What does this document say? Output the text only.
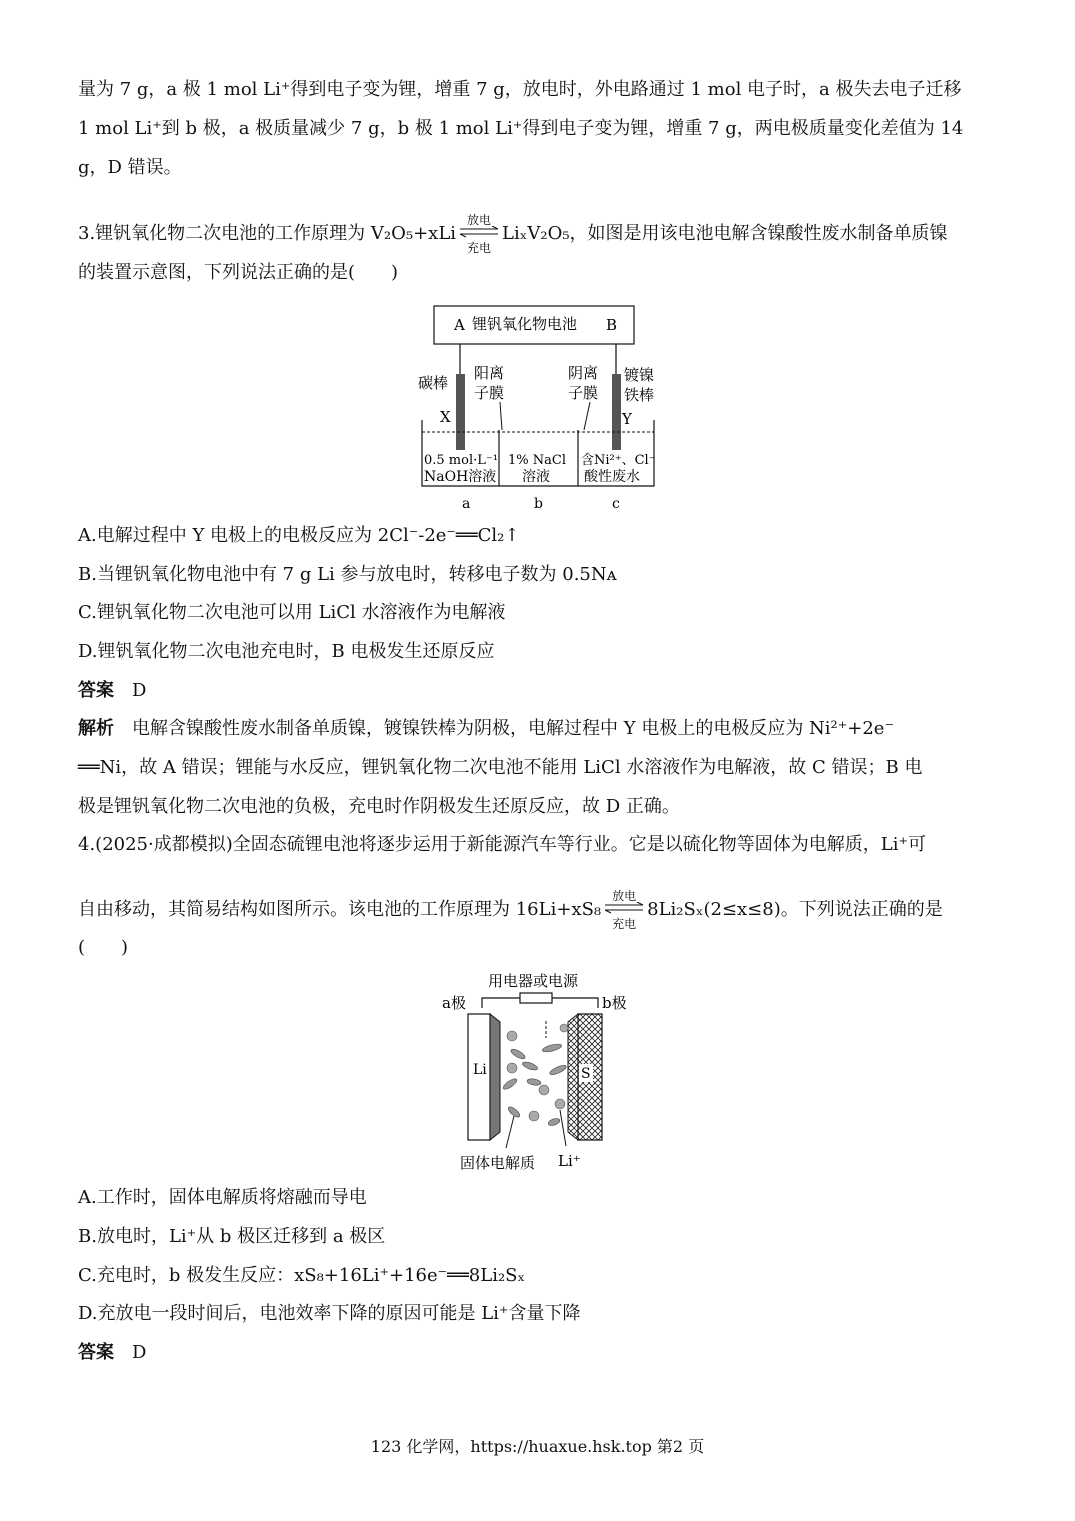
量为 7 g，a 极 1 mol Li⁺得到电子变为锂，增重 7 g，放电时，外电路通过 1 mol 电子时，a 极失去电子迁移
1 mol Li⁺到 b 极，a 极质量减少 7 g，b 极 1 mol Li⁺得到电子变为锂，增重 7 g，两电极质量变化差值为 14
g，D 错误。
3.锂钒氧化物二次电池的工作原理为 V₂O₅+xLi
放电
充电
LiₓV₂O₅，如图是用该电池电解含镍酸性废水制备单质镍
的装置示意图，下列说法正确的是(　　)
A 锂钒氧化物电池 B
碳棒
X
阳离
子膜
阴离
子膜
镀镍
铁棒
Y
0.5 mol·L⁻¹
NaOH溶液
1% NaCl
溶液
含Ni²⁺、Cl⁻
酸性废水
a	b	c
A.电解过程中 Y 电极上的电极反应为 2Cl⁻-2e⁻══Cl₂↑
B.当锂钒氧化物电池中有 7 g Li 参与放电时，转移电子数为 0.5Nᴀ
C.锂钒氧化物二次电池可以用 LiCl 水溶液作为电解液
D.锂钒氧化物二次电池充电时，B 电极发生还原反应
答案　 D
解析　 电解含镍酸性废水制备单质镍，镀镍铁棒为阴极，电解过程中 Y 电极上的电极反应为 Ni²⁺+2e⁻
══Ni，故 A 错误；锂能与水反应，锂钒氧化物二次电池不能用 LiCl 水溶液作为电解液，故 C 错误；B 电
极是锂钒氧化物二次电池的负极，充电时作阴极发生还原反应，故 D 正确。
4.(2025·成都模拟)全固态硫锂电池将逐步运用于新能源汽车等行业。它是以硫化物等固体为电解质，Li⁺可
自由移动，其简易结构如图所示。该电池的工作原理为 16Li+xS₈
放电
充电
8Li₂Sₓ(2≤x≤8)。下列说法正确的是
(　　)
用电器或电源
a极	b极
Li	S
固体电解质 Li⁺
A.工作时，固体电解质将熔融而导电
B.放电时，Li⁺从 b 极区迁移到 a 极区
C.充电时，b 极发生反应：xS₈+16Li⁺+16e⁻══8Li₂Sₓ
D.充放电一段时间后，电池效率下降的原因可能是 Li⁺含量下降
答案　 D
123 化学网，https://huaxue.hsk.top 第2 页
